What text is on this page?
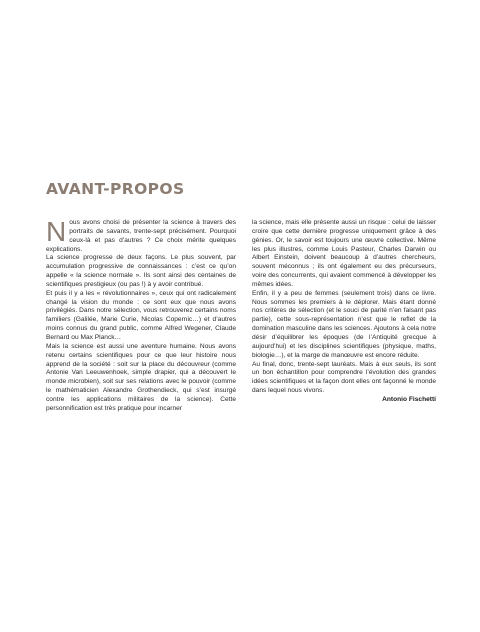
AVANT-PROPOS

Nous avons choisi de présenter la science à travers des portraits de savants, trente-sept précisément. Pourquoi ceux-là et pas d’autres ? Ce choix mérite quelques explications.

La science progresse de deux façons. Le plus souvent, par accumulation progressive de connaissances : c’est ce qu’on appelle « la science normale ». Ils sont ainsi des centaines de scientifiques prestigieux (ou pas !) à y avoir contribué.

Et puis il y a les « révolutionnaires », ceux qui ont radicalement changé la vision du monde : ce sont eux que nous avons privilégiés. Dans notre sélection, vous retrouverez certains noms familiers (Galilée, Marie Curie, Nicolas Copernic…) et d’autres moins connus du grand public, comme Alfred Wegener, Claude Bernard ou Max Planck…

Mais la science est aussi une aventure humaine. Nous avons retenu certains scientifiques pour ce que leur histoire nous apprend de la société : soit sur la place du découvreur (comme Antonie Van Leeuwenhoek, simple drapier, qui a découvert le monde microbien), soit sur ses relations avec le pouvoir (comme le mathématicien Alexandre Grothendieck, qui s’est insurgé contre les applications militaires de la science). Cette personnification est très pratique pour incarner

la science, mais elle présente aussi un risque : celui de laisser croire que cette dernière progresse uniquement grâce à des génies. Or, le savoir est toujours une œuvre collective. Même les plus illustres, comme Louis Pasteur, Charles Darwin ou Albert Einstein, doivent beaucoup à d’autres chercheurs, souvent méconnus ; ils ont également eu des précurseurs, voire des concurrents, qui avaient commencé à développer les mêmes idées.

Enfin, il y a peu de femmes (seulement trois) dans ce livre. Nous sommes les premiers à le déplorer. Mais étant donné nos critères de sélection (et le souci de parité n’en faisant pas partie), cette sous-représentation n’est que le reflet de la domination masculine dans les sciences. Ajoutons à cela notre désir d’équilibrer les époques (de l’Antiquité grecque à aujourd’hui) et les disciplines scientifiques (physique, maths, biologie…), et la marge de manœuvre est encore réduite.

Au final, donc, trente-sept lauréats. Mais à eux seuls, ils sont un bon échantillon pour comprendre l’évolution des grandes idées scientifiques et la façon dont elles ont façonné le monde dans lequel nous vivons.

Antonio Fischetti
